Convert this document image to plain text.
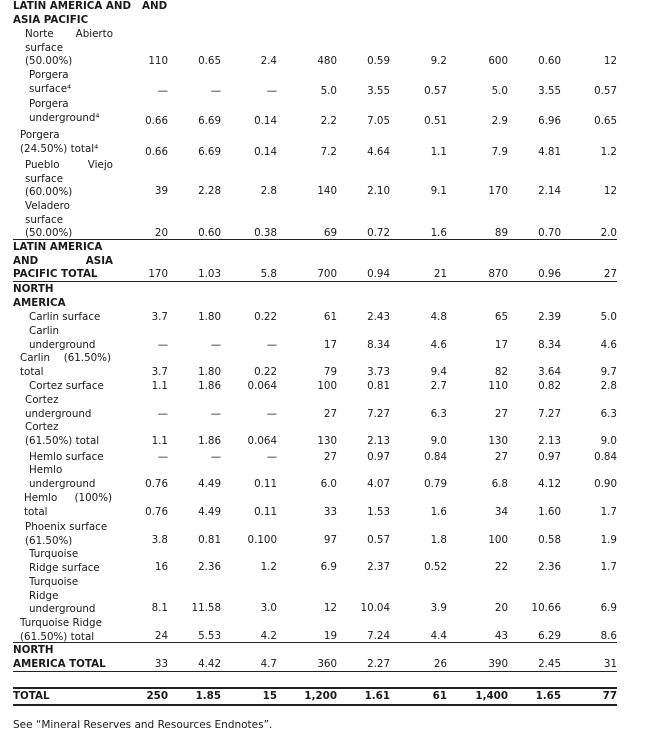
LATIN AMERICA AND
ASIA PACIFIC
AND
Norte Abierto
surface
(50.00%)	110	0.65	2.4	480	0.59	9.2	600	0.60	12
Porgera
surface⁴	—	—	—	5.0	3.55	0.57	5.0	3.55	0.57
Porgera
underground⁴	0.66	6.69	0.14	2.2	7.05	0.51	2.9	6.96	0.65
Porgera
(24.50%) total⁴	0.66	6.69	0.14	7.2	4.64	1.1	7.9	4.81	1.2
Pueblo Viejo
surface
(60.00%)	39	2.28	2.8	140	2.10	9.1	170	2.14	12
Veladero
surface
(50.00%)	20	0.60	0.38	69	0.72	1.6	89	0.70	2.0
LATIN AMERICA
AND ASIA
PACIFIC TOTAL	170	1.03	5.8	700	0.94	21	870	0.96	27
NORTH
AMERICA
Carlin surface	3.7	1.80	0.22	61	2.43	4.8	65	2.39	5.0
Carlin
underground	—	—	—	17	8.34	4.6	17	8.34	4.6
Carlin (61.50%)
total	3.7	1.80	0.22	79	3.73	9.4	82	3.64	9.7
Cortez surface	1.1	1.86	0.064	100	0.81	2.7	110	0.82	2.8
Cortez
underground	—	—	—	27	7.27	6.3	27	7.27	6.3
Cortez
(61.50%) total	1.1	1.86	0.064	130	2.13	9.0	130	2.13	9.0
Hemlo surface	—	—	—	27	0.97	0.84	27	0.97	0.84
Hemlo
underground	0.76	4.49	0.11	6.0	4.07	0.79	6.8	4.12	0.90
Hemlo (100%)
total	0.76	4.49	0.11	33	1.53	1.6	34	1.60	1.7
Phoenix surface
(61.50%)	3.8	0.81	0.100	97	0.57	1.8	100	0.58	1.9
Turquoise
Ridge surface	16	2.36	1.2	6.9	2.37	0.52	22	2.36	1.7
Turquoise
Ridge
underground	8.1	11.58	3.0	12	10.04	3.9	20	10.66	6.9
Turquoise Ridge
(61.50%) total	24	5.53	4.2	19	7.24	4.4	43	6.29	8.6
NORTH
AMERICA TOTAL	33	4.42	4.7	360	2.27	26	390	2.45	31
TOTAL	250	1.85	15	1,200	1.61	61	1,400	1.65	77
See “Mineral Reserves and Resources Endnotes”.
